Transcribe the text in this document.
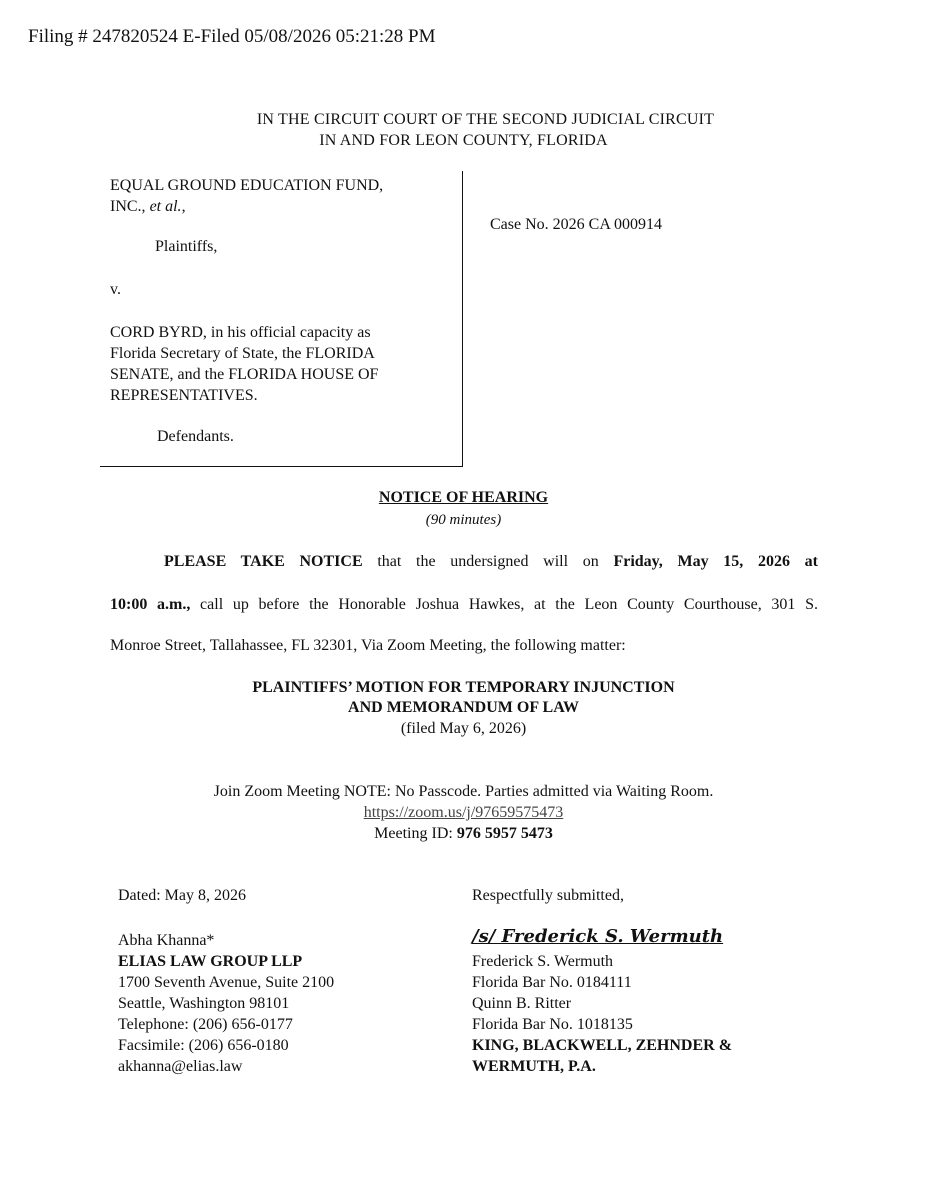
Filing # 247820524 E-Filed 05/08/2026 05:21:28 PM
IN THE CIRCUIT COURT OF THE SECOND JUDICIAL CIRCUIT
IN AND FOR LEON COUNTY, FLORIDA
EQUAL GROUND EDUCATION FUND,
INC., et al.,
Plaintiffs,
v.
CORD BYRD, in his official capacity as
Florida Secretary of State, the FLORIDA
SENATE, and the FLORIDA HOUSE OF
REPRESENTATIVES.
Defendants.
Case No. 2026 CA 000914
NOTICE OF HEARING
(90 minutes)
PLEASE TAKE NOTICE that the undersigned will on Friday, May 15, 2026 at
10:00 a.m., call up before the Honorable Joshua Hawkes, at the Leon County Courthouse, 301 S.
Monroe Street, Tallahassee, FL 32301, Via Zoom Meeting, the following matter:
PLAINTIFFS’ MOTION FOR TEMPORARY INJUNCTION
AND MEMORANDUM OF LAW
(filed May 6, 2026)
Join Zoom Meeting NOTE: No Passcode. Parties admitted via Waiting Room.
https://zoom.us/j/97659575473
Meeting ID: 976 5957 5473
Dated: May 8, 2026
Abha Khanna*
ELIAS LAW GROUP LLP
1700 Seventh Avenue, Suite 2100
Seattle, Washington 98101
Telephone: (206) 656-0177
Facsimile: (206) 656-0180
akhanna@elias.law
Respectfully submitted,
/s/ Frederick S. Wermuth
Frederick S. Wermuth
Florida Bar No. 0184111
Quinn B. Ritter
Florida Bar No. 1018135
KING, BLACKWELL, ZEHNDER &
WERMUTH, P.A.
